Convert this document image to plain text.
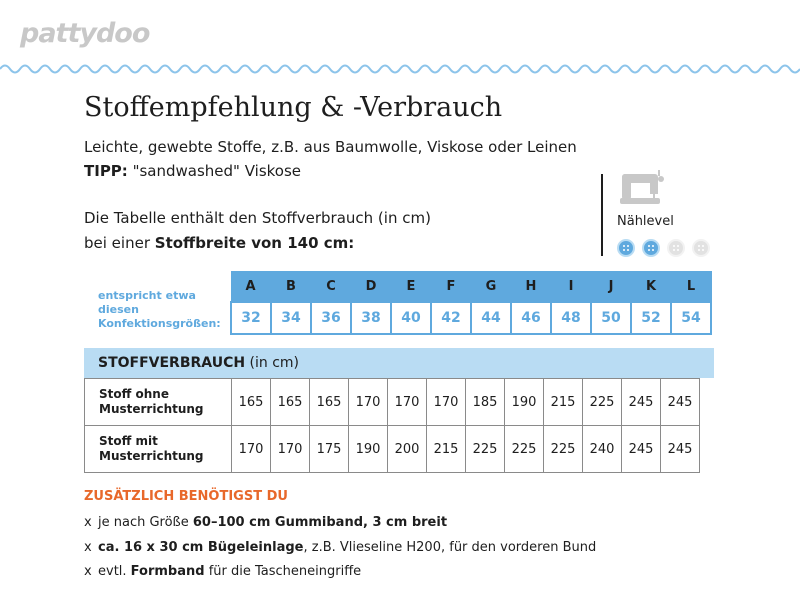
pattydoo
Stoffempfehlung & -Verbrauch
Leichte, gewebte Stoffe, z.B. aus Baumwolle, Viskose oder Leinen
TIPP: "sandwashed" Viskose
Die Tabelle enthält den Stoffverbrauch (in cm)
bei einer Stoffbreite von 140 cm:
Nählevel
entspricht etwa diesen Konfektionsgrößen:
A	B	C	D	E	F	G	H	I	J	K	L
32	34	36	38	40	42	44	46	48	50	52	54
STOFFVERBRAUCH (in cm)
Stoff ohne
Musterrichtung	165	165	165	170	170	170	185	190	215	225	245	245
Stoff mit
Musterrichtung	170	170	175	190	200	215	225	225	225	240	245	245
ZUSÄTZLICH BENÖTIGST DU
x je nach Größe 60–100 cm Gummiband, 3 cm breit
x ca. 16 x 30 cm Bügeleinlage, z.B. Vlieseline H200, für den vorderen Bund
x evtl. Formband für die Tascheneingriffe
